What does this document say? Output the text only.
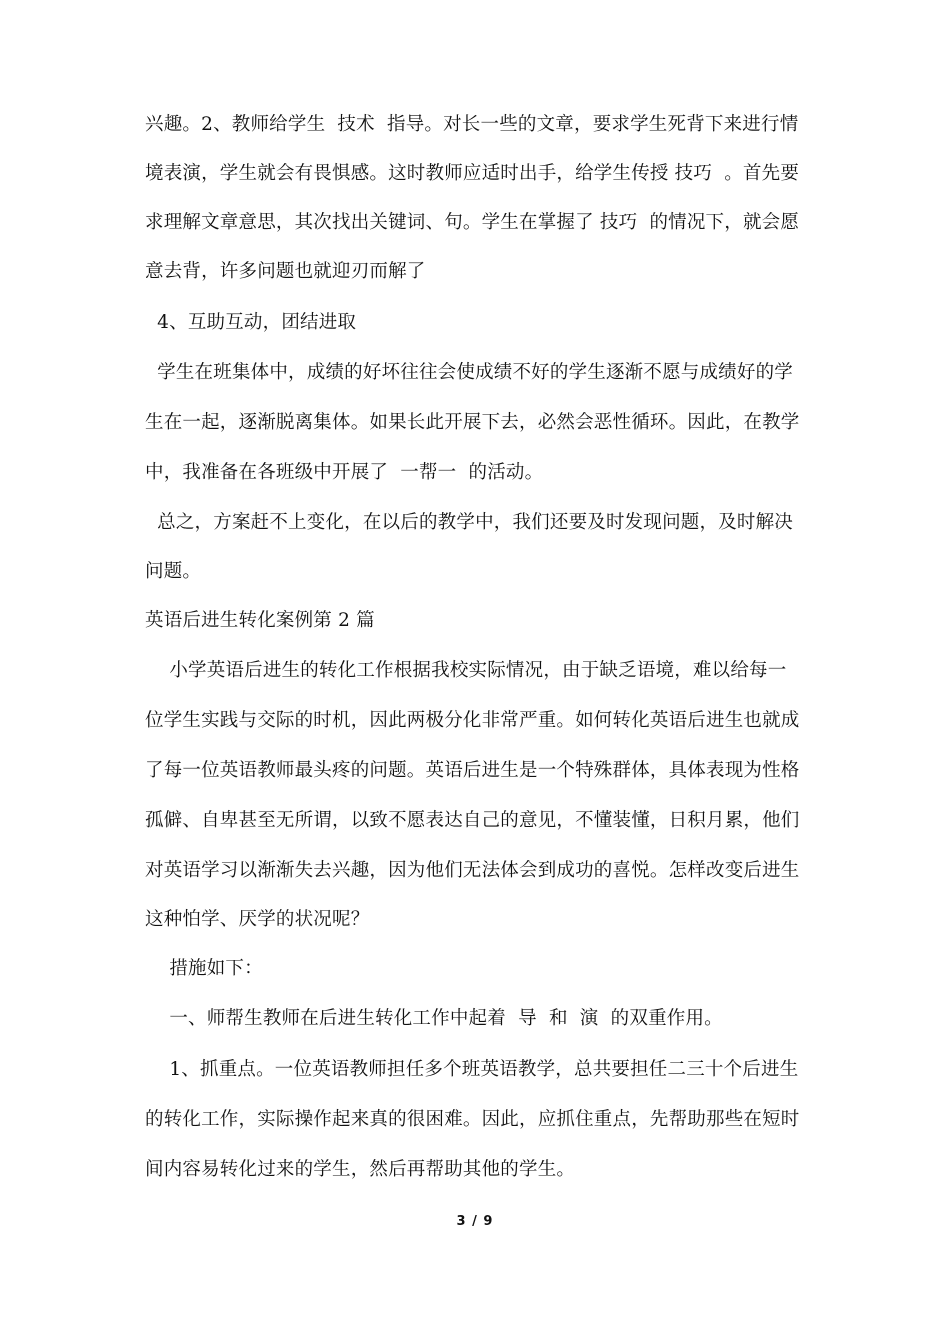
兴趣。2、教师给学生  技术  指导。对长一些的文章，要求学生死背下来进行情
境表演，学生就会有畏惧感。这时教师应适时出手，给学生传授 技巧  。首先要
求理解文章意思，其次找出关键词、句。学生在掌握了 技巧  的情况下，就会愿
意去背，许多问题也就迎刃而解了
4、互助互动，团结进取
学生在班集体中，成绩的好坏往往会使成绩不好的学生逐渐不愿与成绩好的学
生在一起，逐渐脱离集体。如果长此开展下去，必然会恶性循环。因此，在教学
中，我准备在各班级中开展了  一帮一  的活动。
总之，方案赶不上变化，在以后的教学中，我们还要及时发现问题，及时解决
问题。
英语后进生转化案例第 2 篇
小学英语后进生的转化工作根据我校实际情况，由于缺乏语境，难以给每一
位学生实践与交际的时机，因此两极分化非常严重。如何转化英语后进生也就成
了每一位英语教师最头疼的问题。英语后进生是一个特殊群体，具体表现为性格
孤僻、自卑甚至无所谓，以致不愿表达自己的意见，不懂装懂，日积月累，他们
对英语学习以渐渐失去兴趣，因为他们无法体会到成功的喜悦。怎样改变后进生
这种怕学、厌学的状况呢？
措施如下：
一、师帮生教师在后进生转化工作中起着  导  和  演  的双重作用。
1、抓重点。一位英语教师担任多个班英语教学，总共要担任二三十个后进生
的转化工作，实际操作起来真的很困难。因此，应抓住重点，先帮助那些在短时
间内容易转化过来的学生，然后再帮助其他的学生。
3 / 9
